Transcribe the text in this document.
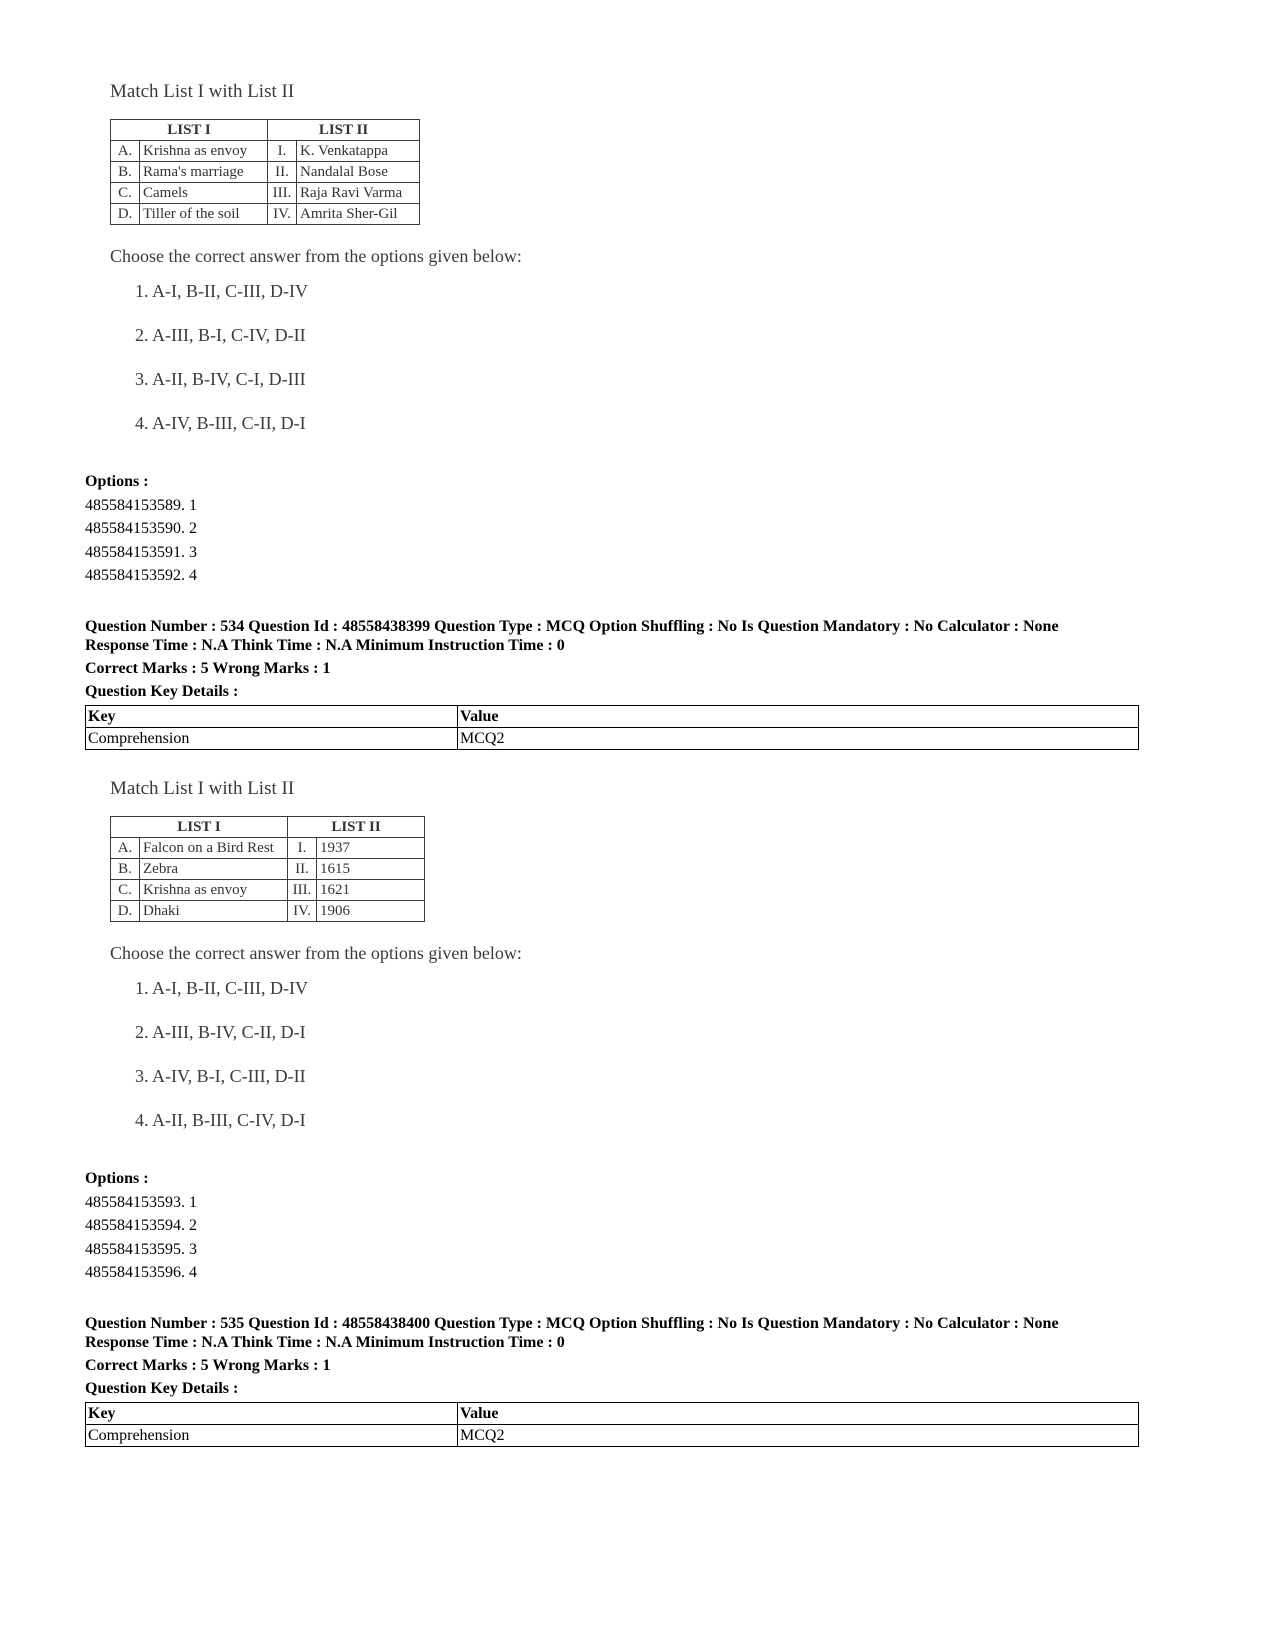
Match List I with List II

LIST I		LIST II	
A.	Krishna as envoy	I.	K. Venkatappa
B.	Rama's marriage	II.	Nandalal Bose
C.	Camels	III.	Raja Ravi Varma
D.	Tiller of the soil	IV.	Amrita Sher-Gil

Choose the correct answer from the options given below:

1. A-I, B-II, C-III, D-IV
2. A-III, B-I, C-IV, D-II
3. A-II, B-IV, C-I, D-III
4. A-IV, B-III, C-II, D-I
Options :
485584153589. 1
485584153590. 2
485584153591. 3
485584153592. 4
Question Number : 534 Question Id : 48558438399 Question Type : MCQ Option Shuffling : No Is Question Mandatory : No Calculator : None
Response Time : N.A Think Time : N.A Minimum Instruction Time : 0
Correct Marks : 5 Wrong Marks : 1
Question Key Details :
Key	Value
Comprehension	MCQ2

Match List I with List II

LIST I		LIST II	
A.	Falcon on a Bird Rest	I.	1937
B.	Zebra	II.	1615
C.	Krishna as envoy	III.	1621
D.	Dhaki	IV.	1906

Choose the correct answer from the options given below:

1. A-I, B-II, C-III, D-IV
2. A-III, B-IV, C-II, D-I
3. A-IV, B-I, C-III, D-II
4. A-II, B-III, C-IV, D-I
Options :
485584153593. 1
485584153594. 2
485584153595. 3
485584153596. 4
Question Number : 535 Question Id : 48558438400 Question Type : MCQ Option Shuffling : No Is Question Mandatory : No Calculator : None
Response Time : N.A Think Time : N.A Minimum Instruction Time : 0
Correct Marks : 5 Wrong Marks : 1
Question Key Details :
Key	Value
Comprehension	MCQ2
